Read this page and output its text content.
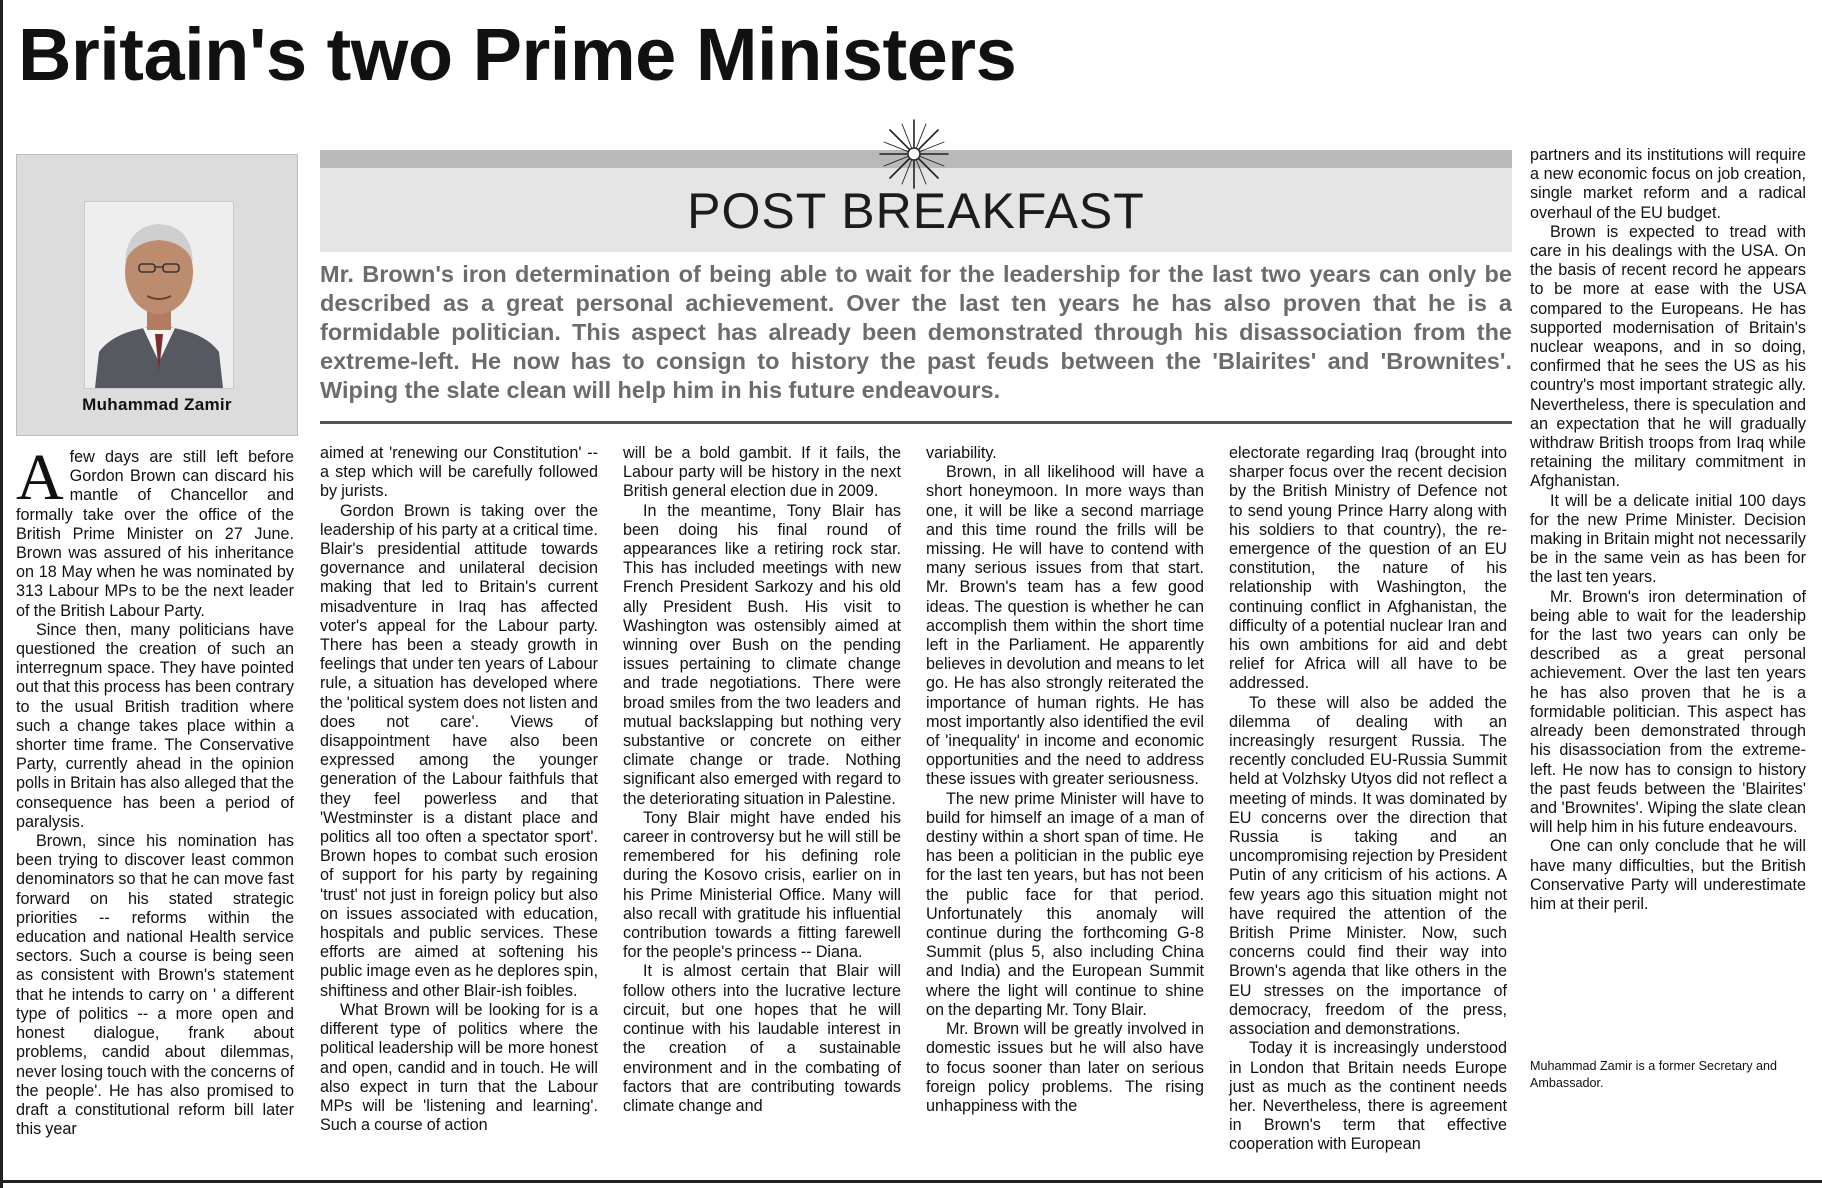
Britain's two Prime Ministers
Muhammad Zamir
POST BREAKFAST

Mr. Brown's iron determination of being able to wait for the leadership for the last two years can only be described as a great personal achievement. Over the last ten years he has also proven that he is a formidable politician. This aspect has already been demonstrated through his disassociation from the extreme-left. He now has to consign to history the past feuds between the 'Blairites' and 'Brownites'. Wiping the slate clean will help him in his future endeavours.

Afew days are still left before Gordon Brown can discard his mantle of Chancellor and formally take over the office of the British Prime Minister on 27 June. Brown was assured of his inheritance on 18 May when he was nominated by 313 Labour MPs to be the next leader of the British Labour Party.

Since then, many politicians have questioned the creation of such an interregnum space. They have pointed out that this process has been contrary to the usual British tradition where such a change takes place within a shorter time frame. The Conservative Party, currently ahead in the opinion polls in Britain has also alleged that the consequence has been a period of paralysis.

Brown, since his nomination has been trying to discover least common denominators so that he can move fast forward on his stated strategic priorities -- reforms within the education and national Health service sectors. Such a course is being seen as consistent with Brown's statement that he intends to carry on ' a different type of politics -- a more open and honest dialogue, frank about problems, candid about dilemmas, never losing touch with the concerns of the people'. He has also promised to draft a constitutional reform bill later this year

aimed at 'renewing our Constitution' -- a step which will be carefully followed by jurists.

Gordon Brown is taking over the leadership of his party at a critical time. Blair's presidential attitude towards governance and unilateral decision making that led to Britain's current misadventure in Iraq has affected voter's appeal for the Labour party. There has been a steady growth in feelings that under ten years of Labour rule, a situation has developed where the 'political system does not listen and does not care'. Views of disappointment have also been expressed among the younger generation of the Labour faithfuls that they feel powerless and that 'Westminster is a distant place and politics all too often a spectator sport'. Brown hopes to combat such erosion of support for his party by regaining 'trust' not just in foreign policy but also on issues associated with education, hospitals and public services. These efforts are aimed at softening his public image even as he deplores spin, shiftiness and other Blair-ish foibles.

What Brown will be looking for is a different type of politics where the political leadership will be more honest and open, candid and in touch. He will also expect in turn that the Labour MPs will be 'listening and learning'. Such a course of action

will be a bold gambit. If it fails, the Labour party will be history in the next British general election due in 2009.

In the meantime, Tony Blair has been doing his final round of appearances like a retiring rock star. This has included meetings with new French President Sarkozy and his old ally President Bush. His visit to Washington was ostensibly aimed at winning over Bush on the pending issues pertaining to climate change and trade negotiations. There were broad smiles from the two leaders and mutual backslapping but nothing very substantive or concrete on either climate change or trade. Nothing significant also emerged with regard to the deteriorating situation in Palestine.

Tony Blair might have ended his career in controversy but he will still be remembered for his defining role during the Kosovo crisis, earlier on in his Prime Ministerial Office. Many will also recall with gratitude his influential contribution towards a fitting farewell for the people's princess -- Diana.

It is almost certain that Blair will follow others into the lucrative lecture circuit, but one hopes that he will continue with his laudable interest in the creation of a sustainable environment and in the combating of factors that are contributing towards climate change and

variability.

Brown, in all likelihood will have a short honeymoon. In more ways than one, it will be like a second marriage and this time round the frills will be missing. He will have to contend with many serious issues from that start. Mr. Brown's team has a few good ideas. The question is whether he can accomplish them within the short time left in the Parliament. He apparently believes in devolution and means to let go. He has also strongly reiterated the importance of human rights. He has most importantly also identified the evil of 'inequality' in income and economic opportunities and the need to address these issues with greater seriousness.

The new prime Minister will have to build for himself an image of a man of destiny within a short span of time. He has been a politician in the public eye for the last ten years, but has not been the public face for that period. Unfortunately this anomaly will continue during the forthcoming G-8 Summit (plus 5, also including China and India) and the European Summit where the light will continue to shine on the departing Mr. Tony Blair.

Mr. Brown will be greatly involved in domestic issues but he will also have to focus sooner than later on serious foreign policy problems. The rising unhappiness with the

electorate regarding Iraq (brought into sharper focus over the recent decision by the British Ministry of Defence not to send young Prince Harry along with his soldiers to that country), the re-emergence of the question of an EU constitution, the nature of his relationship with Washington, the continuing conflict in Afghanistan, the difficulty of a potential nuclear Iran and his own ambitions for aid and debt relief for Africa will all have to be addressed.

To these will also be added the dilemma of dealing with an increasingly resurgent Russia. The recently concluded EU-Russia Summit held at Volzhsky Utyos did not reflect a meeting of minds. It was dominated by EU concerns over the direction that Russia is taking and an uncompromising rejection by President Putin of any criticism of his actions. A few years ago this situation might not have required the attention of the British Prime Minister. Now, such concerns could find their way into Brown's agenda that like others in the EU stresses on the importance of democracy, freedom of the press, association and demonstrations.

Today it is increasingly understood in London that Britain needs Europe just as much as the continent needs her. Nevertheless, there is agreement in Brown's term that effective cooperation with European

partners and its institutions will require a new economic focus on job creation, single market reform and a radical overhaul of the EU budget.

Brown is expected to tread with care in his dealings with the USA. On the basis of recent record he appears to be more at ease with the USA compared to the Europeans. He has supported modernisation of Britain's nuclear weapons, and in so doing, confirmed that he sees the US as his country's most important strategic ally. Nevertheless, there is speculation and an expectation that he will gradually withdraw British troops from Iraq while retaining the military commitment in Afghanistan.

It will be a delicate initial 100 days for the new Prime Minister. Decision making in Britain might not necessarily be in the same vein as has been for the last ten years.

Mr. Brown's iron determination of being able to wait for the leadership for the last two years can only be described as a great personal achievement. Over the last ten years he has also proven that he is a formidable politician. This aspect has already been demonstrated through his disassociation from the extreme-left. He now has to consign to history the past feuds between the 'Blairites' and 'Brownites'. Wiping the slate clean will help him in his future endeavours.

One can only conclude that he will have many difficulties, but the British Conservative Party will underestimate him at their peril.

Muhammad Zamir is a former Secretary and Ambassador.
